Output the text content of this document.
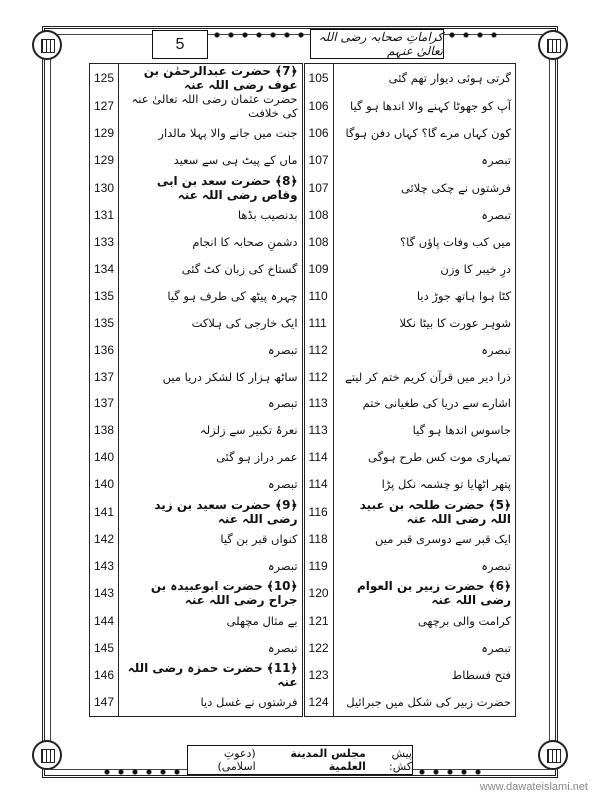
5	کراماتِ صحابہ رضی اللہ تعالیٰ عنہم
125	﴿7﴾ حضرت عبدالرحمٰن بن عوف رضی اللہ عنہ	105	گرتی ہوئی دیوار تھم گئی
127	حضرت عثمان رضی اللہ تعالیٰ عنہ کی خلافت	106	آپ کو جھوٹا کہنے والا اندھا ہو گیا
129	جنت میں جانے والا پہلا مالدار	106	کون کہاں مرے گا؟ کہاں دفن ہوگا
129	ماں کے پیٹ ہی سے سعید	107	تبصرہ
130	﴿8﴾ حضرت سعد بن ابی وقاص رضی اللہ عنہ	107	فرشتوں نے چکی چلائی
131	بدنصیب بڈھا	108	تبصرہ
133	دشمنِ صحابہ کا انجام	108	میں کب وفات پاؤں گا؟
134	گستاخ کی زبان کٹ گئی	109	درِ خیبر کا وزن
135	چہرہ پیٹھ کی طرف ہو گیا	110	کٹا ہوا ہاتھ جوڑ دیا
135	ایک خارجی کی ہلاکت	111	شوہر عورت کا بیٹا نکلا
136	تبصرہ	112	تبصرہ
137	ساٹھ ہزار کا لشکر دریا میں	112	ذرا دیر میں قرآن کریم ختم کر لیتے
137	تبصرہ	113	اشارے سے دریا کی طغیانی ختم
138	نعرۂ تکبیر سے زلزلہ	113	جاسوس اندھا ہو گیا
140	عمر دراز ہو گئی	114	تمہاری موت کس طرح ہوگی
140	تبصرہ	114	پتھر اٹھایا تو چشمہ نکل پڑا
141	﴿9﴾ حضرت سعید بن زید رضی اللہ عنہ	116	﴿5﴾ حضرت طلحہ بن عبید اللہ رضی اللہ عنہ
142	کنواں قبر بن گیا	118	ایک قبر سے دوسری قبر میں
143	تبصرہ	119	تبصرہ
143	﴿10﴾ حضرت ابوعبیدہ بن جراح رضی اللہ عنہ	120	﴿6﴾ حضرت زبیر بن العوام رضی اللہ عنہ
144	بے مثال مچھلی	121	کرامت والی برچھی
145	تبصرہ	122	تبصرہ
146	﴿11﴾ حضرت حمزہ رضی اللہ عنہ	123	فتح فسطاط
147	فرشتوں نے غسل دیا	124	حضرت زبیر کی شکل میں جبرائیل
پیش کش:
مجلس المدینة العلمیة
(دعوتِ اسلامی)
www.dawateislami.net
